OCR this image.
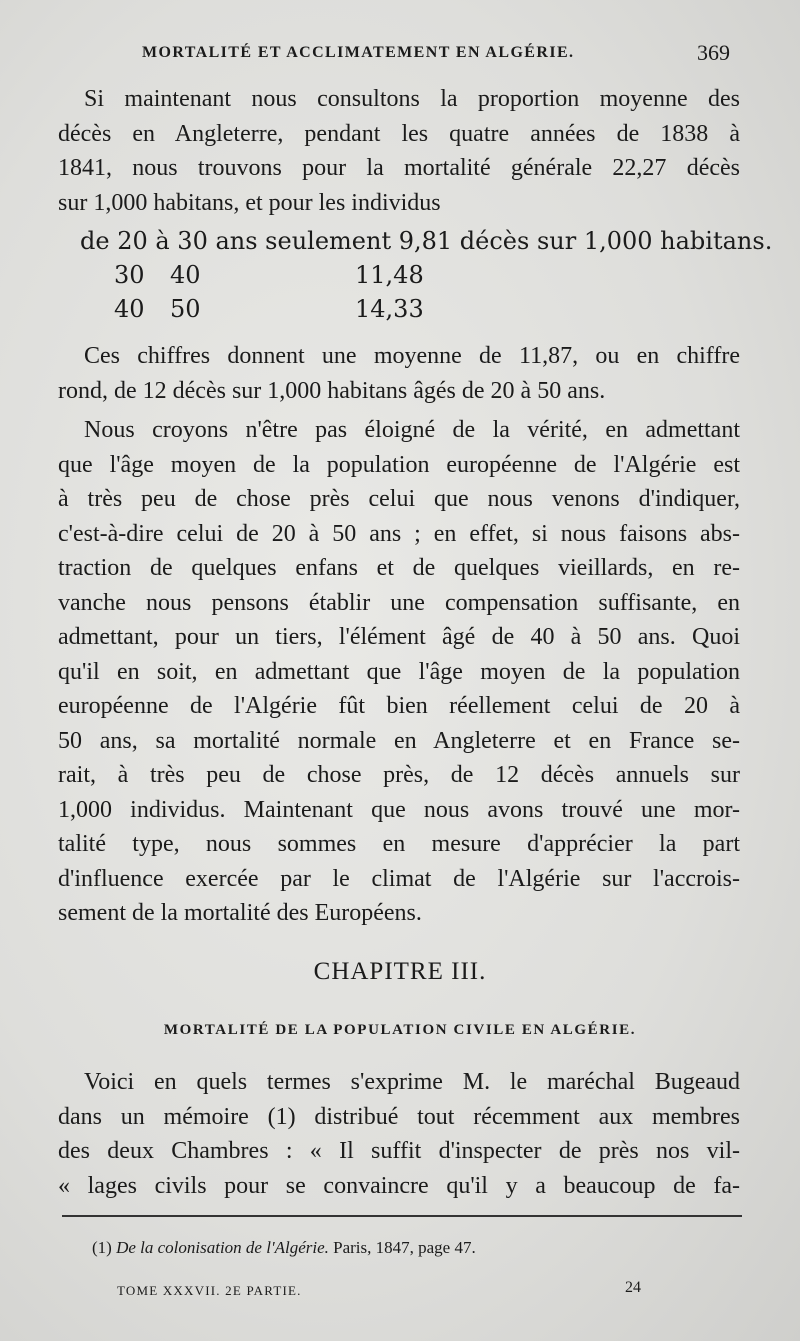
MORTALITÉ ET ACCLIMATEMENT EN ALGÉRIE.	369
Si maintenant nous consultons la proportion moyenne des
décès en Angleterre, pendant les quatre années de 1838 à
1841, nous trouvons pour la mortalité générale 22,27 décès
sur 1,000 habitans, et pour les individus
de 20 à 30 ans seulement 9,81 décès sur 1,000 habitans.
30 40	11,48
40 50	14,33
Ces chiffres donnent une moyenne de 11,87, ou en chiffre
rond, de 12 décès sur 1,000 habitans âgés de 20 à 50 ans.
Nous croyons n'être pas éloigné de la vérité, en admettant
que l'âge moyen de la population européenne de l'Algérie est
à très peu de chose près celui que nous venons d'indiquer,
c'est-à-dire celui de 20 à 50 ans ; en effet, si nous faisons abs-
traction de quelques enfans et de quelques vieillards, en re-
vanche nous pensons établir une compensation suffisante, en
admettant, pour un tiers, l'élément âgé de 40 à 50 ans. Quoi
qu'il en soit, en admettant que l'âge moyen de la population
européenne de l'Algérie fût bien réellement celui de 20 à
50 ans, sa mortalité normale en Angleterre et en France se-
rait, à très peu de chose près, de 12 décès annuels sur
1,000 individus. Maintenant que nous avons trouvé une mor-
talité type, nous sommes en mesure d'apprécier la part
d'influence exercée par le climat de l'Algérie sur l'accrois-
sement de la mortalité des Européens.
CHAPITRE III.
MORTALITÉ DE LA POPULATION CIVILE EN ALGÉRIE.
Voici en quels termes s'exprime M. le maréchal Bugeaud
dans un mémoire (1) distribué tout récemment aux membres
des deux Chambres : « Il suffit d'inspecter de près nos vil-
« lages civils pour se convaincre qu'il y a beaucoup de fa-
(1) De la colonisation de l'Algérie. Paris, 1847, page 47.
TOME XXXVII. 2E PARTIE.	24
